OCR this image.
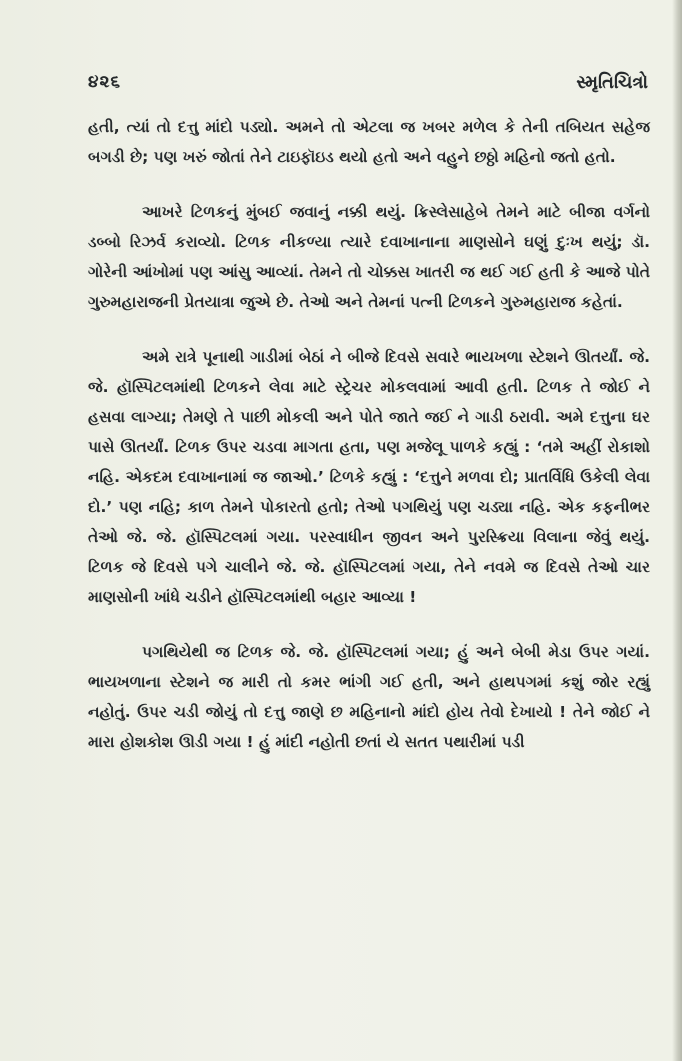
૪૨૬	સ્મૃતિચિત્રો

હતી, ત્યાં તો દત્તુ માંદો પડ્યો. અમને તો એટલા જ ખબર મળેલ કે તેની તબિયત સહેજ બગડી છે; પણ ખરું જોતાં તેને ટાઇફૉઇડ થયો હતો અને વહુને છઠ્ઠો મહિનો જતો હતો.

આખરે ટિળકનું મુંબઈ જવાનું નક્કી થયું. ક્રિસ્લેસાહેબે તેમને માટે બીજા વર્ગનો ડબ્બો રિઝર્વ કરાવ્યો. ટિળક નીકળ્યા ત્યારે દવાખાનાના માણસોને ઘણું દુઃખ થયું; ડૉ. ગોરેની આંખોમાં પણ આંસુ આવ્યાં. તેમને તો ચોક્કસ ખાતરી જ થઈ ગઈ હતી કે આજે પોતે ગુરુમહારાજની પ્રેતયાત્રા જુએ છે. તેઓ અને તેમનાં પત્ની ટિળકને ગુરુમહારાજ કહેતાં.

અમે રાત્રે પૂનાથી ગાડીમાં બેઠાં ને બીજે દિવસે સવારે ભાયખળા સ્ટેશને ઊતર્યાં. જે. જે. હૉસ્પિટલમાંથી ટિળકને લેવા માટે સ્ટ્રેચર મોકલવામાં આવી હતી. ટિળક તે જોઈ ને હસવા લાગ્યા; તેમણે તે પાછી મોકલી અને પોતે જાતે જઈ ને ગાડી ઠરાવી. અમે દત્તુના ઘર પાસે ઊતર્યાં. ટિળક ઉપર ચડવા માગતા હતા, પણ મજેલૂ પાળકે કહ્યું : ‘તમે અહીં રોકાશો નહિ. એકદમ દવાખાનામાં જ જાઓ.’ ટિળકે કહ્યું : ‘દત્તુને મળવા દો; પ્રાતર્વિધિ ઉકેલી લેવા દો.’ પણ નહિ; કાળ તેમને પોકારતો હતો; તેઓ પગથિયું પણ ચડ્યા નહિ. એક કફનીભર તેઓ જે. જે. હૉસ્પિટલમાં ગયા. પરસ્વાધીન જીવન અને પુરસ્ક્રિયા વિલાના જેવું થયું. ટિળક જે દિવસે પગે ચાલીને જે. જે. હૉસ્પિટલમાં ગયા, તેને નવમે જ દિવસે તેઓ ચાર માણસોની ખાંધે ચડીને હૉસ્પિટલમાંથી બહાર આવ્યા !

પગથિયેથી જ ટિળક જે. જે. હૉસ્પિટલમાં ગયા; હું અને બેબી મેડા ઉપર ગયાં. ભાયખળાના સ્ટેશને જ મારી તો કમર ભાંગી ગઈ હતી, અને હાથપગમાં કશું જોર રહ્યું નહોતું. ઉપર ચડી જોયું તો દત્તુ જાણે છ મહિનાનો માંદો હોય તેવો દેખાયો ! તેને જોઈ ને મારા હોશકોશ ઊડી ગયા ! હું માંદી નહોતી છતાં યે સતત પથારીમાં પડી
